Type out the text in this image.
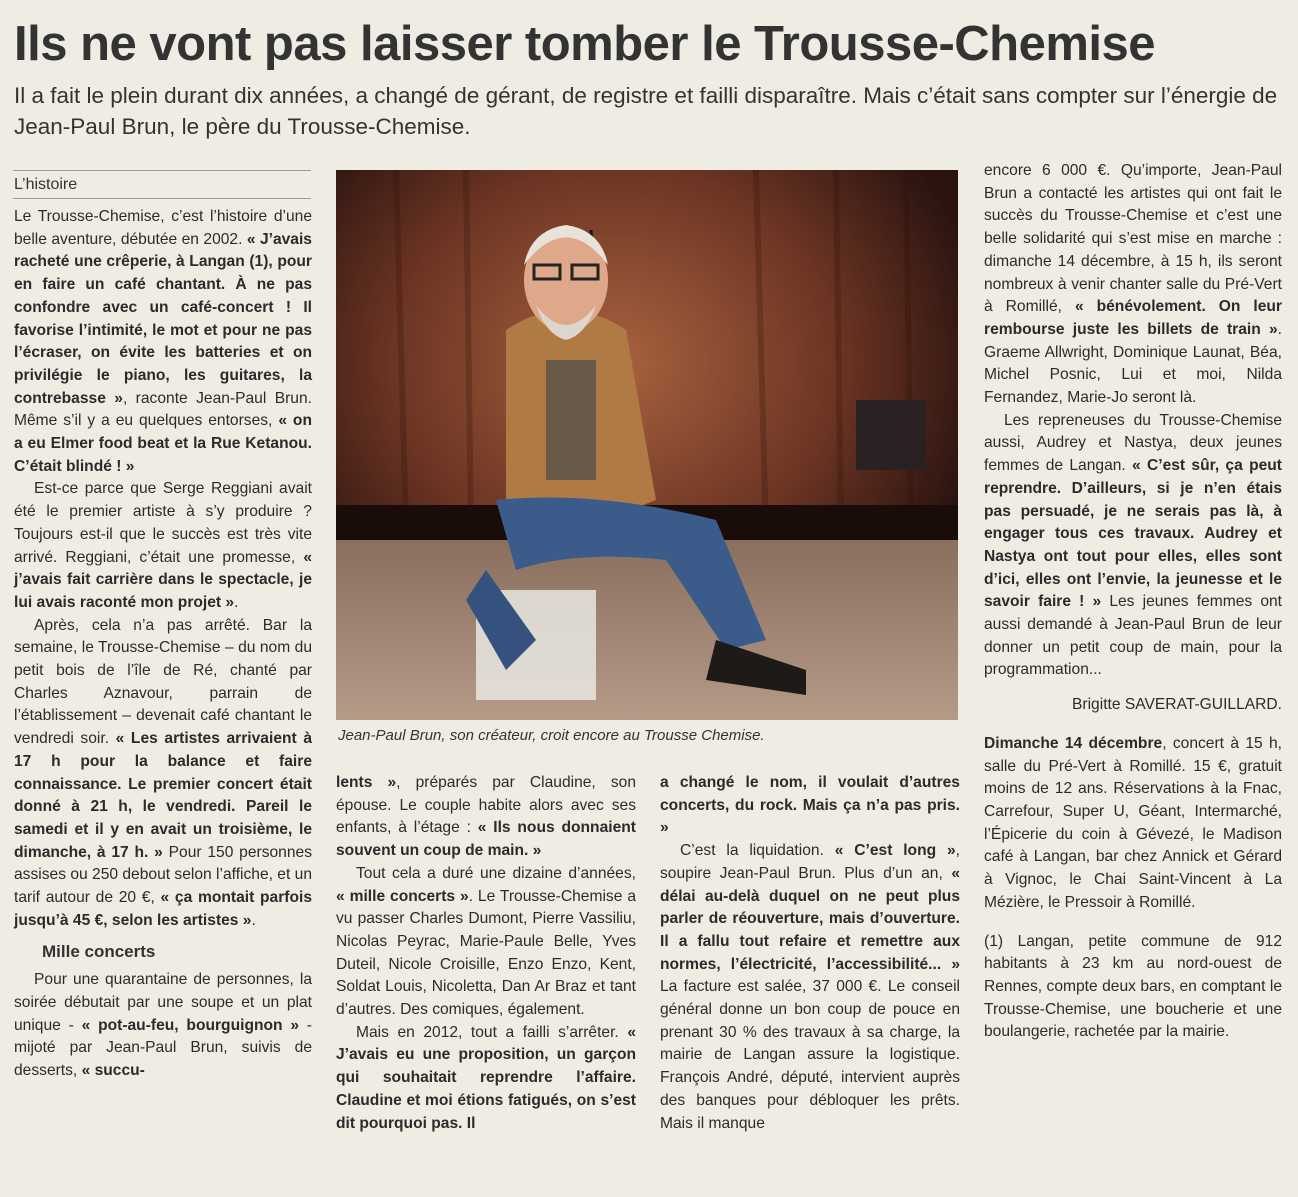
Ils ne vont pas laisser tomber le Trousse-Chemise

Il a fait le plein durant dix années, a changé de gérant, de registre et failli disparaître. Mais c’était sans compter sur l’énergie de Jean-Paul Brun, le père du Trousse-Chemise.

L’histoire

Le Trousse-Chemise, c’est l’histoire d’une belle aventure, débutée en 2002. « J’avais racheté une crêperie, à Langan (1), pour en faire un café chantant. À ne pas confondre avec un café-concert ! Il favorise l’intimité, le mot et pour ne pas l’écraser, on évite les batteries et on privilégie le piano, les guitares, la contrebasse », raconte Jean-Paul Brun. Même s’il y a eu quelques entorses, « on a eu Elmer food beat et la Rue Ketanou. C’était blindé ! »

Est-ce parce que Serge Reggiani avait été le premier artiste à s’y produire ? Toujours est-il que le succès est très vite arrivé. Reggiani, c’était une promesse, « j’avais fait carrière dans le spectacle, je lui avais raconté mon projet ».

Après, cela n’a pas arrêté. Bar la semaine, le Trousse-Chemise – du nom du petit bois de l’île de Ré, chanté par Charles Aznavour, parrain de l’établissement – devenait café chantant le vendredi soir. « Les artistes arrivaient à 17 h pour la balance et faire connaissance. Le premier concert était donné à 21 h, le vendredi. Pareil le samedi et il y en avait un troisième, le dimanche, à 17 h. » Pour 150 personnes assises ou 250 debout selon l’affiche, et un tarif autour de 20 €, « ça montait parfois jusqu’à 45 €, selon les artistes ».

Mille concerts

Pour une quarantaine de personnes, la soirée débutait par une soupe et un plat unique - « pot-au-feu, bourguignon » - mijoté par Jean-Paul Brun, suivis de desserts, « succu-

Jean-Paul Brun, son créateur, croit encore au Trousse Chemise.

lents », préparés par Claudine, son épouse. Le couple habite alors avec ses enfants, à l’étage : « Ils nous donnaient souvent un coup de main. »

Tout cela a duré une dizaine d’années, « mille concerts ». Le Trousse-Chemise a vu passer Charles Dumont, Pierre Vassiliu, Nicolas Peyrac, Marie-Paule Belle, Yves Duteil, Nicole Croisille, Enzo Enzo, Kent, Soldat Louis, Nicoletta, Dan Ar Braz et tant d’autres. Des comiques, également.

Mais en 2012, tout a failli s’arrêter. « J’avais eu une proposition, un garçon qui souhaitait reprendre l’affaire. Claudine et moi étions fatigués, on s’est dit pourquoi pas. Il

a changé le nom, il voulait d’autres concerts, du rock. Mais ça n’a pas pris. »

C’est la liquidation. « C’est long », soupire Jean-Paul Brun. Plus d’un an, « délai au-delà duquel on ne peut plus parler de réouverture, mais d’ouverture. Il a fallu tout refaire et remettre aux normes, l’électricité, l’accessibilité... » La facture est salée, 37 000 €. Le conseil général donne un bon coup de pouce en prenant 30 % des travaux à sa charge, la mairie de Langan assure la logistique. François André, député, intervient auprès des banques pour débloquer les prêts. Mais il manque

encore 6 000 €. Qu’importe, Jean-Paul Brun a contacté les artistes qui ont fait le succès du Trousse-Chemise et c’est une belle solidarité qui s’est mise en marche : dimanche 14 décembre, à 15 h, ils seront nombreux à venir chanter salle du Pré-Vert à Romillé, « bénévolement. On leur rembourse juste les billets de train ». Graeme Allwright, Dominique Launat, Béa, Michel Posnic, Lui et moi, Nilda Fernandez, Marie-Jo seront là.

Les repreneuses du Trousse-Chemise aussi, Audrey et Nastya, deux jeunes femmes de Langan. « C’est sûr, ça peut reprendre. D’ailleurs, si je n’en étais pas persuadé, je ne serais pas là, à engager tous ces travaux. Audrey et Nastya ont tout pour elles, elles sont d’ici, elles ont l’envie, la jeunesse et le savoir faire ! » Les jeunes femmes ont aussi demandé à Jean-Paul Brun de leur donner un petit coup de main, pour la programmation...

Brigitte SAVERAT-GUILLARD.

Dimanche 14 décembre, concert à 15 h, salle du Pré-Vert à Romillé. 15 €, gratuit moins de 12 ans. Réservations à la Fnac, Carrefour, Super U, Géant, Intermarché, l’Épicerie du coin à Gévezé, le Madison café à Langan, bar chez Annick et Gérard à Vignoc, le Chai Saint-Vincent à La Mézière, le Pressoir à Romillé.

(1) Langan, petite commune de 912 habitants à 23 km au nord-ouest de Rennes, compte deux bars, en comptant le Trousse-Chemise, une boucherie et une boulangerie, rachetée par la mairie.
